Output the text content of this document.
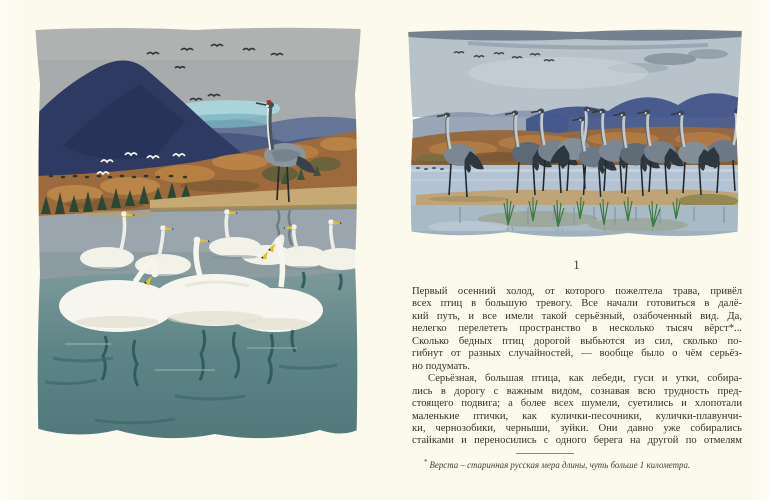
1

Первый осенний холод, от которого пожелтела трава, привёл
всех птиц в большую тревогу. Все начали готовиться в далё-
кий путь, и все имели такой серьёзный, озабоченный вид. Да,
нелегко перелететь пространство в несколько тысяч вёрст*...
Сколько бедных птиц доро́гой выбьются из сил, сколько по-
гибнут от разных случайностей, — вообще было о чём серьёз-
но подумать.

Серьёзная, большая птица, как лебеди, гуси и утки, собира-
лись в дорогу с важным видом, сознавая всю трудность пред-
стоящего подвига; а более всех шумели, суетились и хлопотали
маленькие птички, как кулички-песочники, кулички-плавунчи-
ки, чернозобики, черныши, зуйки. Они давно уже собирались
стайками и переносились с одного берега на другой по отмелям

* Верста – старинная русская мера длины, чуть больше 1 километра.
